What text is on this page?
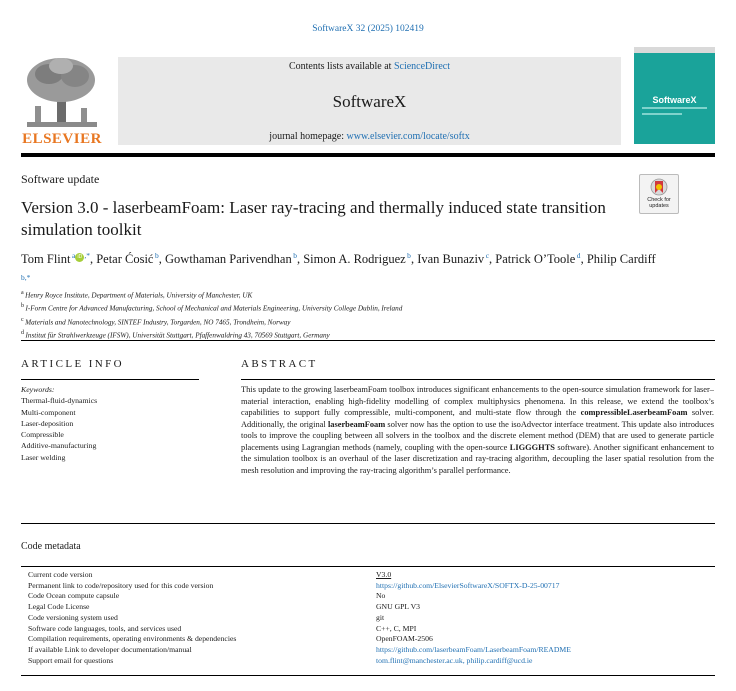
SoftwareX 32 (2025) 102419
ELSEVIER
Contents lists available at ScienceDirect
SoftwareX
journal homepage: www.elsevier.com/locate/softx
SoftwareX
Software update
Check for updates
Version 3.0 - laserbeamFoam: Laser ray-tracing and thermally induced state transition simulation toolkit
Tom Flint $^a$ iD ,*, Petar Ćosić $^b$, Gowthaman Parivendhan $^b$, Simon A. Rodriguez $^b$, Ivan Bunaziv $^c$, Patrick O’Toole $^d$, Philip Cardiff $^{b,*}$
$^a$ Henry Royce Institute, Department of Materials, University of Manchester, UK
$^b$ I-Form Centre for Advanced Manufacturing, School of Mechanical and Materials Engineering, University College Dublin, Ireland
$^c$ Materials and Nanotechnology, SINTEF Industry, Torgarden, NO 7465, Trondheim, Norway
$^d$ Institut für Strahlwerkzeuge (IFSW), Universität Stuttgart, Pfaffenwaldring 43, 70569 Stuttgart, Germany
ARTICLE INFO
Keywords:
Thermal-fluid-dynamics
Multi-component
Laser-deposition
Compressible
Additive-manufacturing
Laser welding
ABSTRACT
This update to the growing laserbeamFoam toolbox introduces significant enhancements to the open-source simulation framework for laser–material interaction, enabling high-fidelity modelling of complex multiphysics phenomena. In this release, we extend the toolbox’s capabilities to support fully compressible, multi-component, and multi-state flow through the compressibleLaserbeamFoam solver. Additionally, the original laserbeamFoam solver now has the option to use the isoAdvector interface treatment. This update also introduces tools to improve the coupling between all solvers in the toolbox and the discrete element method (DEM) that are used to generate particle placements using Lagrangian methods (namely, coupling with the open-source LIGGGHTS software). Another significant enhancement to the simulation toolbox is an overhaul of the laser discretization and ray-tracing algorithm, decoupling the laser spatial resolution from the mesh resolution and improving the ray-tracing algorithm’s parallel performance.
Code metadata
Current code version	V3.0
Permanent link to code/repository used for this code version	https://github.com/ElsevierSoftwareX/SOFTX-D-25-00717
Code Ocean compute capsule	No
Legal Code License	GNU GPL V3
Code versioning system used	git
Software code languages, tools, and services used	C++, C, MPI
Compilation requirements, operating environments & dependencies	OpenFOAM-2506
If available Link to developer documentation/manual	https://github.com/laserbeamFoam/LaserbeamFoam/README
Support email for questions	tom.flint@manchester.ac.uk, philip.cardiff@ucd.ie
